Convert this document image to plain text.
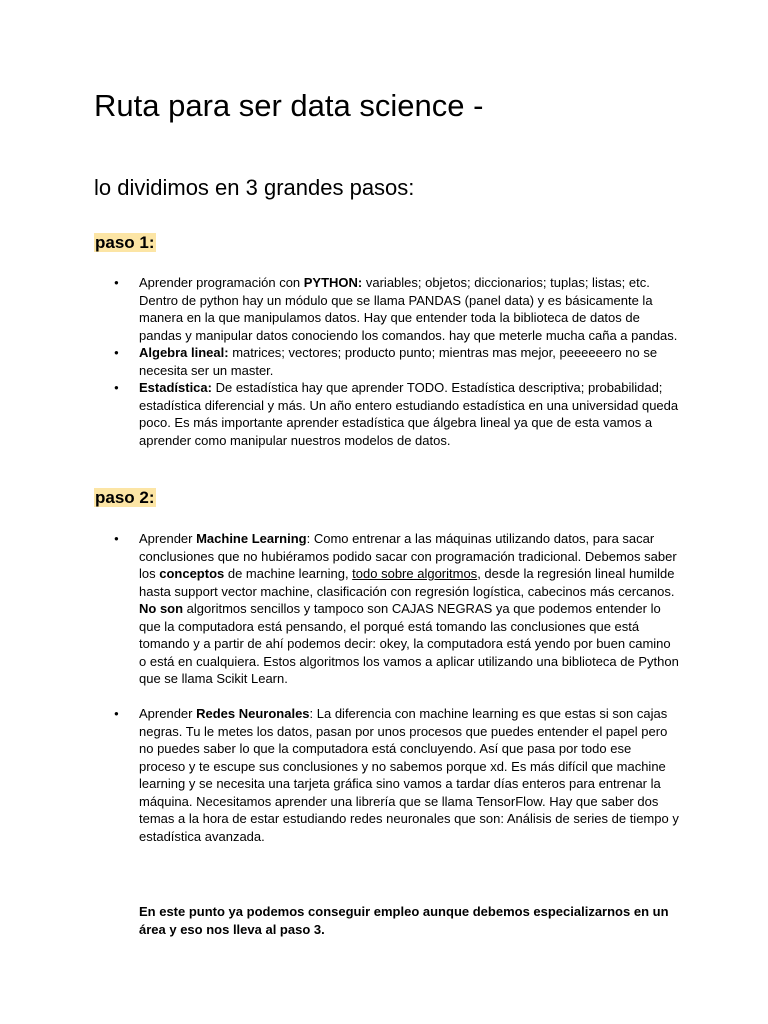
Ruta para ser data science -
lo dividimos en 3 grandes pasos:
paso 1:
● Aprender programación con PYTHON: variables; objetos; diccionarios; tuplas; listas; etc. Dentro de python hay un módulo que se llama PANDAS (panel data) y es básicamente la manera en la que manipulamos datos. Hay que entender toda la biblioteca de datos de pandas y manipular datos conociendo los comandos. hay que meterle mucha caña a pandas.
● Algebra lineal: matrices; vectores; producto punto; mientras mas mejor, peeeeeero no se necesita ser un master.
● Estadística: De estadística hay que aprender TODO. Estadística descriptiva; probabilidad; estadística diferencial y más. Un año entero estudiando estadística en una universidad queda poco. Es más importante aprender estadística que álgebra lineal ya que de esta vamos a aprender como manipular nuestros modelos de datos.
paso 2:
● Aprender Machine Learning: Como entrenar a las máquinas utilizando datos, para sacar conclusiones que no hubiéramos podido sacar con programación tradicional. Debemos saber los conceptos de machine learning, todo sobre algoritmos, desde la regresión lineal humilde hasta support vector machine, clasificación con regresión logística, cabecinos más cercanos. No son algoritmos sencillos y tampoco son CAJAS NEGRAS ya que podemos entender lo que la computadora está pensando, el porqué está tomando las conclusiones que está tomando y a partir de ahí podemos decir: okey, la computadora está yendo por buen camino o está en cualquiera. Estos algoritmos los vamos a aplicar utilizando una biblioteca de Python que se llama Scikit Learn.
● Aprender Redes Neuronales: La diferencia con machine learning es que estas si son cajas negras. Tu le metes los datos, pasan por unos procesos que puedes entender el papel pero no puedes saber lo que la computadora está concluyendo. Así que pasa por todo ese proceso y te escupe sus conclusiones y no sabemos porque xd. Es más difícil que machine learning y se necesita una tarjeta gráfica sino vamos a tardar días enteros para entrenar la máquina. Necesitamos aprender una librería que se llama TensorFlow. Hay que saber dos temas a la hora de estar estudiando redes neuronales que son: Análisis de series de tiempo y estadística avanzada.

En este punto ya podemos conseguir empleo aunque debemos especializarnos en un área y eso nos lleva al paso 3.
